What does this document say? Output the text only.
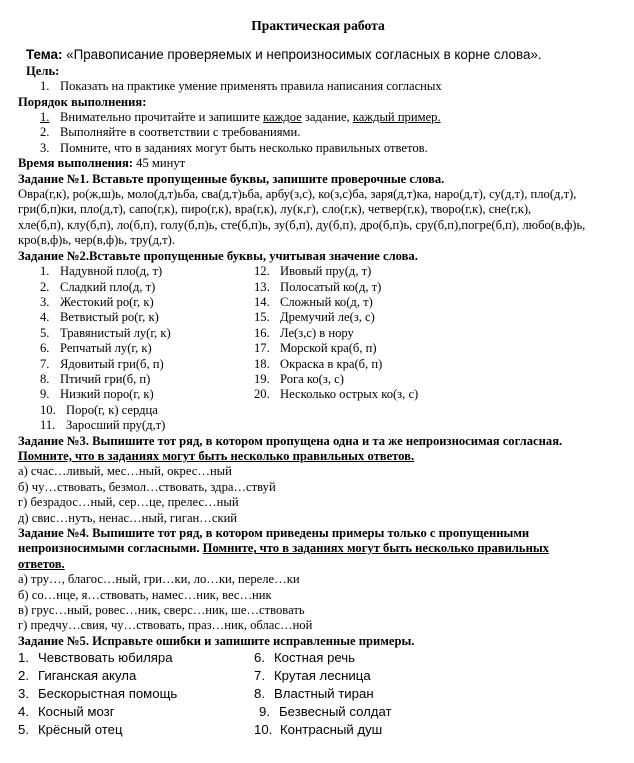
Практическая работа
Тема: «Правописание проверяемых и непроизносимых согласных в корне слова».
Цель:
1. Показать на практике умение применять правила написания согласных
Порядок выполнения:
1. Внимательно прочитайте и запишите каждое задание, каждый пример.
2. Выполняйте в соответствии с требованиями.
3. Помните, что в заданиях могут быть несколько правильных ответов.
Время выполнения: 45 минут
Задание №1. Вставьте пропущенные буквы, запишите проверочные слова.
Овра(г,к), ро(ж,ш)ь, моло(д,т)ьба, сва(д,т)ьба, арбу(з,с), ко(з,с)ба, заря(д,т)ка, наро(д,т), су(д,т), пло(д,т),
гри(б,п)ки, пло(д,т), сапо(г,к), пиро(г,к), вра(г,к), лу(к,г), сло(г,к), четвер(г,к), творо(г,к), сне(г,к),
хле(б,п), клу(б,п), ло(б,п), голу(б,п)ь, сте(б,п)ь, зу(б,п), ду(б,п), дро(б,п)ь, сру(б,п),погре(б,п), любо(в,ф)ь,
кро(в,ф)ь, чер(в,ф)ь, тру(д,т).
Задание №2.Вставьте пропущенные буквы, учитывая значение слова.
1. Надувной пло(д, т)
2. Сладкий пло(д, т)
3. Жестокий ро(г, к)
4. Ветвистый ро(г, к)
5. Травянистый лу(г, к)
6. Репчатый лу(г, к)
7. Ядовитый гри(б, п)
8. Птичий гри(б, п)
9. Низкий поро(г, к)
10. Поро(г, к) сердца
11. Заросший пру(д,т)
12. Ивовый пру(д, т)
13. Полосатый ко(д, т)
14. Сложный ко(д, т)
15. Дремучий ле(з, с)
16. Ле(з,с) в нору
17. Морской кра(б, п)
18. Окраска в кра(б, п)
19. Рога ко(з, с)
20. Несколько острых ко(з, с)
Задание №3. Выпишите тот ряд, в котором пропущена одна и та же непроизносимая согласная.
Помните, что в заданиях могут быть несколько правильных ответов.
а) счас…ливый, мес…ный, окрес…ный
б) чу…ствовать, безмол…ствовать, здра…ствуй
г) безрадос…ный, сер…це, прелес…ный
д) свис…нуть, ненас…ный, гиган…ский
Задание №4. Выпишите тот ряд, в котором приведены примеры только с пропущенными
непроизносимыми согласными. Помните, что в заданиях могут быть несколько правильных
ответов.
а) тру…, благос…ный, гри…ки, ло…ки, переле…ки
б) со…нце, я…ствовать, намес…ник, вес…ник
в) грус…ный, ровес…ник, сверс…ник, ше…ствовать
г) предчу…свия, чу…ствовать, праз…ник, облас…ной
Задание №5. Исправьте ошибки и запишите исправленные примеры.
1. Чевствовать юбиляра
2. Гиганская акула
3. Бескорыстная помощь
4. Косный мозг
5. Крёсный отец
6. Костная речь
7. Крутая лесница
8. Властный тиран
9. Безвесный солдат
10. Контрасный душ
